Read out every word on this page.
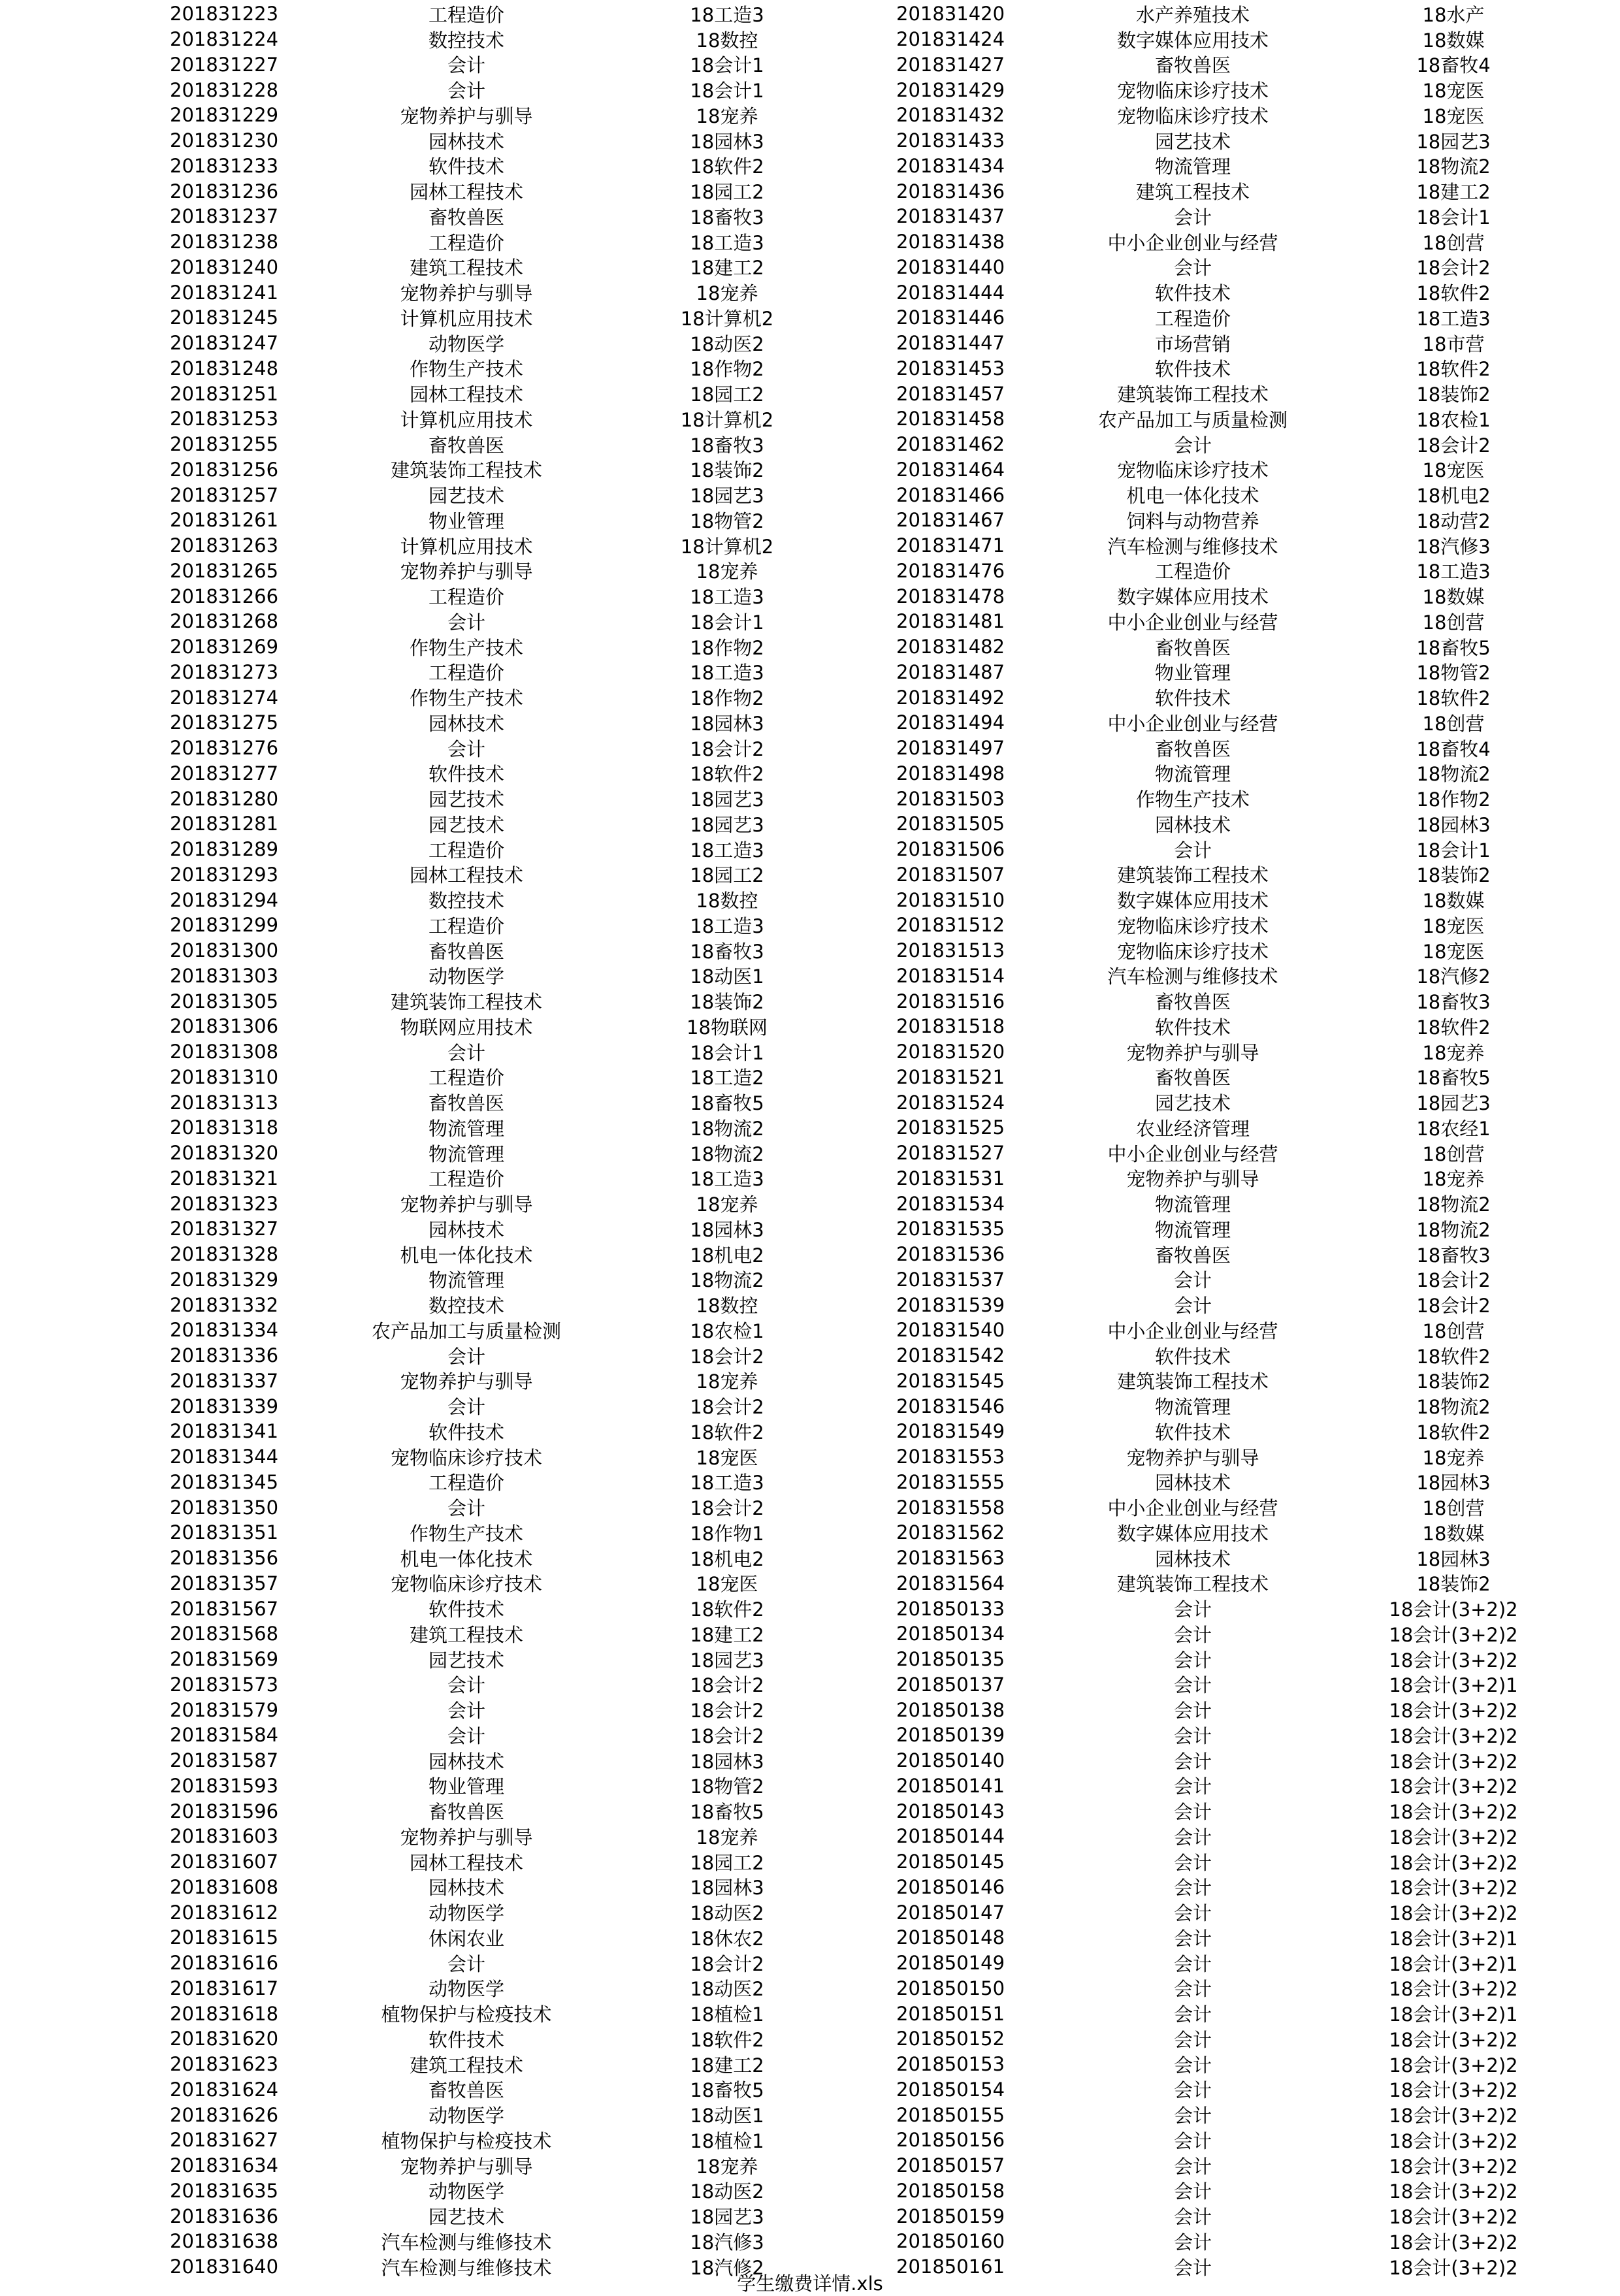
201831223	工程造价	18工造3
201831224	数控技术	18数控
201831227	会计	18会计1
201831228	会计	18会计1
201831229	宠物养护与驯导	18宠养
201831230	园林技术	18园林3
201831233	软件技术	18软件2
201831236	园林工程技术	18园工2
201831237	畜牧兽医	18畜牧3
201831238	工程造价	18工造3
201831240	建筑工程技术	18建工2
201831241	宠物养护与驯导	18宠养
201831245	计算机应用技术	18计算机2
201831247	动物医学	18动医2
201831248	作物生产技术	18作物2
201831251	园林工程技术	18园工2
201831253	计算机应用技术	18计算机2
201831255	畜牧兽医	18畜牧3
201831256	建筑装饰工程技术	18装饰2
201831257	园艺技术	18园艺3
201831261	物业管理	18物管2
201831263	计算机应用技术	18计算机2
201831265	宠物养护与驯导	18宠养
201831266	工程造价	18工造3
201831268	会计	18会计1
201831269	作物生产技术	18作物2
201831273	工程造价	18工造3
201831274	作物生产技术	18作物2
201831275	园林技术	18园林3
201831276	会计	18会计2
201831277	软件技术	18软件2
201831280	园艺技术	18园艺3
201831281	园艺技术	18园艺3
201831289	工程造价	18工造3
201831293	园林工程技术	18园工2
201831294	数控技术	18数控
201831299	工程造价	18工造3
201831300	畜牧兽医	18畜牧3
201831303	动物医学	18动医1
201831305	建筑装饰工程技术	18装饰2
201831306	物联网应用技术	18物联网
201831308	会计	18会计1
201831310	工程造价	18工造2
201831313	畜牧兽医	18畜牧5
201831318	物流管理	18物流2
201831320	物流管理	18物流2
201831321	工程造价	18工造3
201831323	宠物养护与驯导	18宠养
201831327	园林技术	18园林3
201831328	机电一体化技术	18机电2
201831329	物流管理	18物流2
201831332	数控技术	18数控
201831334	农产品加工与质量检测	18农检1
201831336	会计	18会计2
201831337	宠物养护与驯导	18宠养
201831339	会计	18会计2
201831341	软件技术	18软件2
201831344	宠物临床诊疗技术	18宠医
201831345	工程造价	18工造3
201831350	会计	18会计2
201831351	作物生产技术	18作物1
201831356	机电一体化技术	18机电2
201831357	宠物临床诊疗技术	18宠医
201831567	软件技术	18软件2
201831568	建筑工程技术	18建工2
201831569	园艺技术	18园艺3
201831573	会计	18会计2
201831579	会计	18会计2
201831584	会计	18会计2
201831587	园林技术	18园林3
201831593	物业管理	18物管2
201831596	畜牧兽医	18畜牧5
201831603	宠物养护与驯导	18宠养
201831607	园林工程技术	18园工2
201831608	园林技术	18园林3
201831612	动物医学	18动医2
201831615	休闲农业	18休农2
201831616	会计	18会计2
201831617	动物医学	18动医2
201831618	植物保护与检疫技术	18植检1
201831620	软件技术	18软件2
201831623	建筑工程技术	18建工2
201831624	畜牧兽医	18畜牧5
201831626	动物医学	18动医1
201831627	植物保护与检疫技术	18植检1
201831634	宠物养护与驯导	18宠养
201831635	动物医学	18动医2
201831636	园艺技术	18园艺3
201831638	汽车检测与维修技术	18汽修3
201831640	汽车检测与维修技术	18汽修2
201831420	水产养殖技术	18水产
201831424	数字媒体应用技术	18数媒
201831427	畜牧兽医	18畜牧4
201831429	宠物临床诊疗技术	18宠医
201831432	宠物临床诊疗技术	18宠医
201831433	园艺技术	18园艺3
201831434	物流管理	18物流2
201831436	建筑工程技术	18建工2
201831437	会计	18会计1
201831438	中小企业创业与经营	18创营
201831440	会计	18会计2
201831444	软件技术	18软件2
201831446	工程造价	18工造3
201831447	市场营销	18市营
201831453	软件技术	18软件2
201831457	建筑装饰工程技术	18装饰2
201831458	农产品加工与质量检测	18农检1
201831462	会计	18会计2
201831464	宠物临床诊疗技术	18宠医
201831466	机电一体化技术	18机电2
201831467	饲料与动物营养	18动营2
201831471	汽车检测与维修技术	18汽修3
201831476	工程造价	18工造3
201831478	数字媒体应用技术	18数媒
201831481	中小企业创业与经营	18创营
201831482	畜牧兽医	18畜牧5
201831487	物业管理	18物管2
201831492	软件技术	18软件2
201831494	中小企业创业与经营	18创营
201831497	畜牧兽医	18畜牧4
201831498	物流管理	18物流2
201831503	作物生产技术	18作物2
201831505	园林技术	18园林3
201831506	会计	18会计1
201831507	建筑装饰工程技术	18装饰2
201831510	数字媒体应用技术	18数媒
201831512	宠物临床诊疗技术	18宠医
201831513	宠物临床诊疗技术	18宠医
201831514	汽车检测与维修技术	18汽修2
201831516	畜牧兽医	18畜牧3
201831518	软件技术	18软件2
201831520	宠物养护与驯导	18宠养
201831521	畜牧兽医	18畜牧5
201831524	园艺技术	18园艺3
201831525	农业经济管理	18农经1
201831527	中小企业创业与经营	18创营
201831531	宠物养护与驯导	18宠养
201831534	物流管理	18物流2
201831535	物流管理	18物流2
201831536	畜牧兽医	18畜牧3
201831537	会计	18会计2
201831539	会计	18会计2
201831540	中小企业创业与经营	18创营
201831542	软件技术	18软件2
201831545	建筑装饰工程技术	18装饰2
201831546	物流管理	18物流2
201831549	软件技术	18软件2
201831553	宠物养护与驯导	18宠养
201831555	园林技术	18园林3
201831558	中小企业创业与经营	18创营
201831562	数字媒体应用技术	18数媒
201831563	园林技术	18园林3
201831564	建筑装饰工程技术	18装饰2
201850133	会计	18会计(3+2)2
201850134	会计	18会计(3+2)2
201850135	会计	18会计(3+2)2
201850137	会计	18会计(3+2)1
201850138	会计	18会计(3+2)2
201850139	会计	18会计(3+2)2
201850140	会计	18会计(3+2)2
201850141	会计	18会计(3+2)2
201850143	会计	18会计(3+2)2
201850144	会计	18会计(3+2)2
201850145	会计	18会计(3+2)2
201850146	会计	18会计(3+2)2
201850147	会计	18会计(3+2)2
201850148	会计	18会计(3+2)1
201850149	会计	18会计(3+2)1
201850150	会计	18会计(3+2)2
201850151	会计	18会计(3+2)1
201850152	会计	18会计(3+2)2
201850153	会计	18会计(3+2)2
201850154	会计	18会计(3+2)2
201850155	会计	18会计(3+2)2
201850156	会计	18会计(3+2)2
201850157	会计	18会计(3+2)2
201850158	会计	18会计(3+2)2
201850159	会计	18会计(3+2)2
201850160	会计	18会计(3+2)2
201850161	会计	18会计(3+2)2
学生缴费详情.xls
